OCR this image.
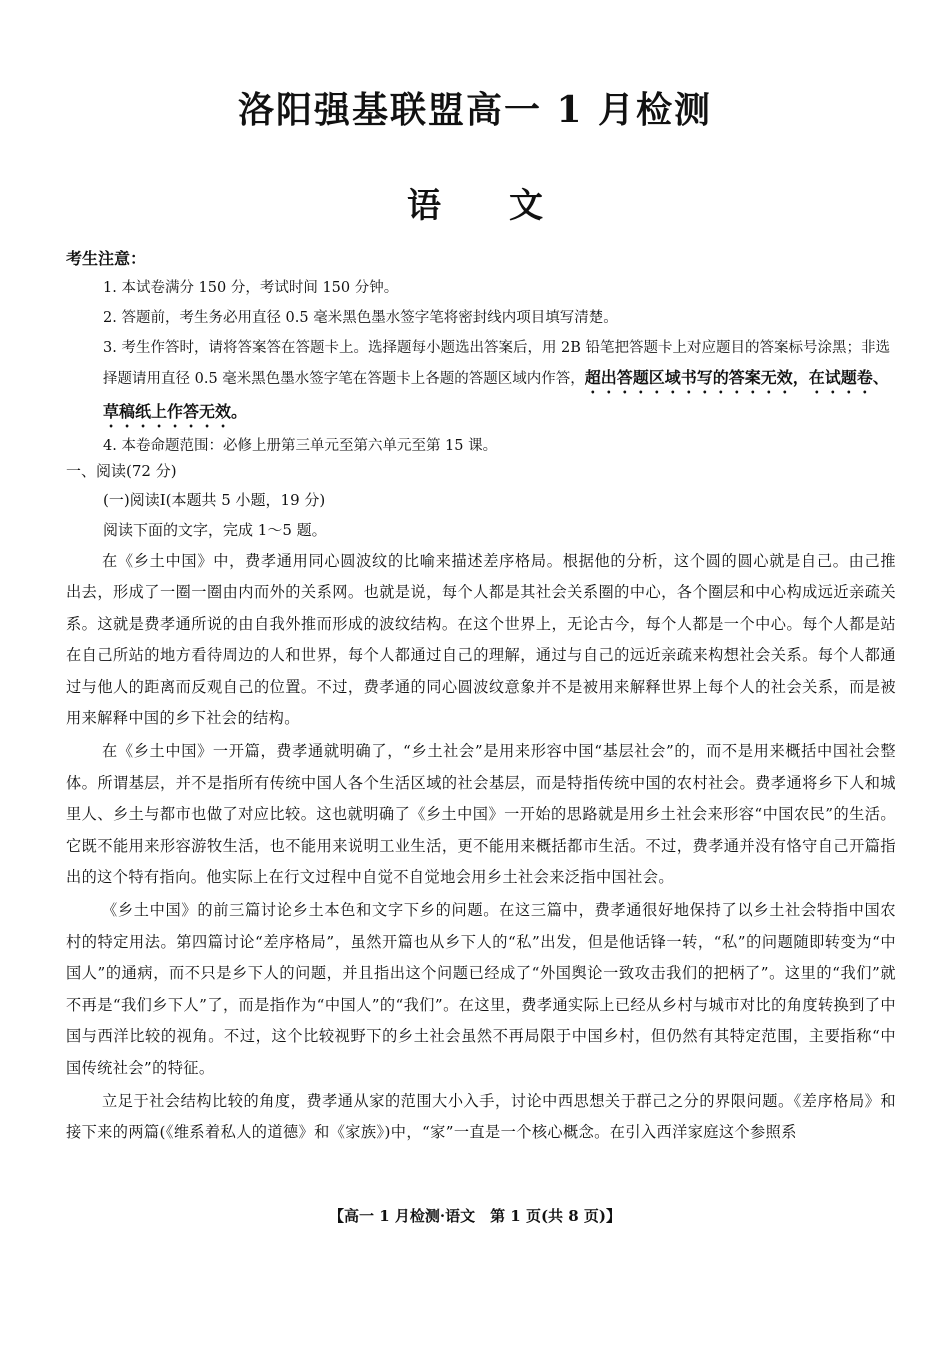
洛阳强基联盟高一 1 月检测
语 文
考生注意：
1. 本试卷满分 150 分，考试时间 150 分钟。
2. 答题前，考生务必用直径 0.5 毫米黑色墨水签字笔将密封线内项目填写清楚。
3. 考生作答时，请将答案答在答题卡上。选择题每小题选出答案后，用 2B 铅笔把答题卡上对应题目的答案标号涂黑；非选择题请用直径 0.5 毫米黑色墨水签字笔在答题卡上各题的答题区域内作答，超出答题区域书写的答案无效，在试题卷、草稿纸上作答无效。
4. 本卷命题范围：必修上册第三单元至第六单元至第 15 课。
一、阅读(72 分)
(一)阅读Ⅰ(本题共 5 小题，19 分)
阅读下面的文字，完成 1～5 题。

在《乡土中国》中，费孝通用同心圆波纹的比喻来描述差序格局。根据他的分析，这个圆的圆心就是自己。由己推出去，形成了一圈一圈由内而外的关系网。也就是说，每个人都是其社会关系圈的中心，各个圈层和中心构成远近亲疏关系。这就是费孝通所说的由自我外推而形成的波纹结构。在这个世界上，无论古今，每个人都是一个中心。每个人都是站在自己所站的地方看待周边的人和世界，每个人都通过自己的理解，通过与自己的远近亲疏来构想社会关系。每个人都通过与他人的距离而反观自己的位置。不过，费孝通的同心圆波纹意象并不是被用来解释世界上每个人的社会关系，而是被用来解释中国的乡下社会的结构。

在《乡土中国》一开篇，费孝通就明确了，“乡土社会”是用来形容中国“基层社会”的，而不是用来概括中国社会整体。所谓基层，并不是指所有传统中国人各个生活区域的社会基层，而是特指传统中国的农村社会。费孝通将乡下人和城里人、乡土与都市也做了对应比较。这也就明确了《乡土中国》一开始的思路就是用乡土社会来形容“中国农民”的生活。它既不能用来形容游牧生活，也不能用来说明工业生活，更不能用来概括都市生活。不过，费孝通并没有恪守自己开篇指出的这个特有指向。他实际上在行文过程中自觉不自觉地会用乡土社会来泛指中国社会。

《乡土中国》的前三篇讨论乡土本色和文字下乡的问题。在这三篇中，费孝通很好地保持了以乡土社会特指中国农村的特定用法。第四篇讨论“差序格局”，虽然开篇也从乡下人的“私”出发，但是他话锋一转，“私”的问题随即转变为“中国人”的通病，而不只是乡下人的问题，并且指出这个问题已经成了“外国舆论一致攻击我们的把柄了”。这里的“我们”就不再是“我们乡下人”了，而是指作为“中国人”的“我们”。在这里，费孝通实际上已经从乡村与城市对比的角度转换到了中国与西洋比较的视角。不过，这个比较视野下的乡土社会虽然不再局限于中国乡村，但仍然有其特定范围，主要指称“中国传统社会”的特征。

立足于社会结构比较的角度，费孝通从家的范围大小入手，讨论中西思想关于群己之分的界限问题。《差序格局》和接下来的两篇(《维系着私人的道德》和《家族》)中，“家”一直是一个核心概念。在引入西洋家庭这个参照系

【高一 1 月检测·语文　第 1 页(共 8 页)】
